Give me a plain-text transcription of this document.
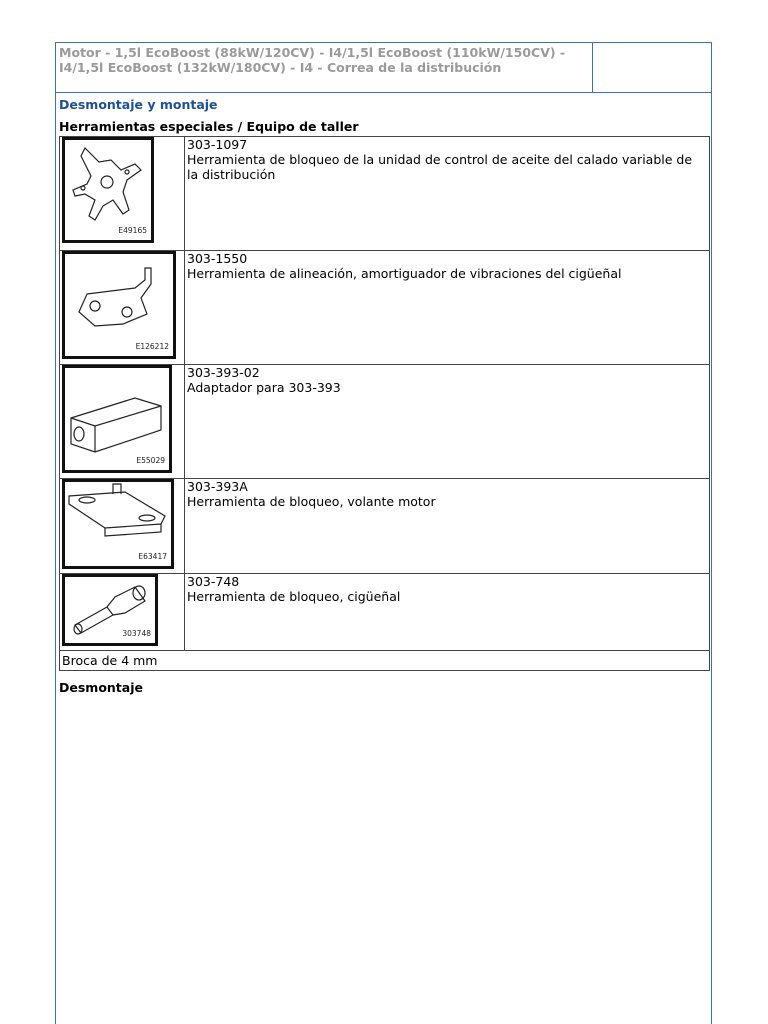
Motor - 1,5l EcoBoost (88kW/120CV) - I4/1,5l EcoBoost (110kW/150CV) - I4/1,5l EcoBoost (132kW/180CV) - I4 - Correa de la distribución
Desmontaje y montaje
Herramientas especiales / Equipo de taller
E49165	303-1097
Herramienta de bloqueo de la unidad de control de aceite del calado variable de la distribución

E126212	303-1550
Herramienta de alineación, amortiguador de vibraciones del cigüeñal

E55029	303-393-02
Adaptador para 303-393

E63417	303-393A
Herramienta de bloqueo, volante motor

303748	303-748
Herramienta de bloqueo, cigüeñal

Broca de 4 mm	
Desmontaje
